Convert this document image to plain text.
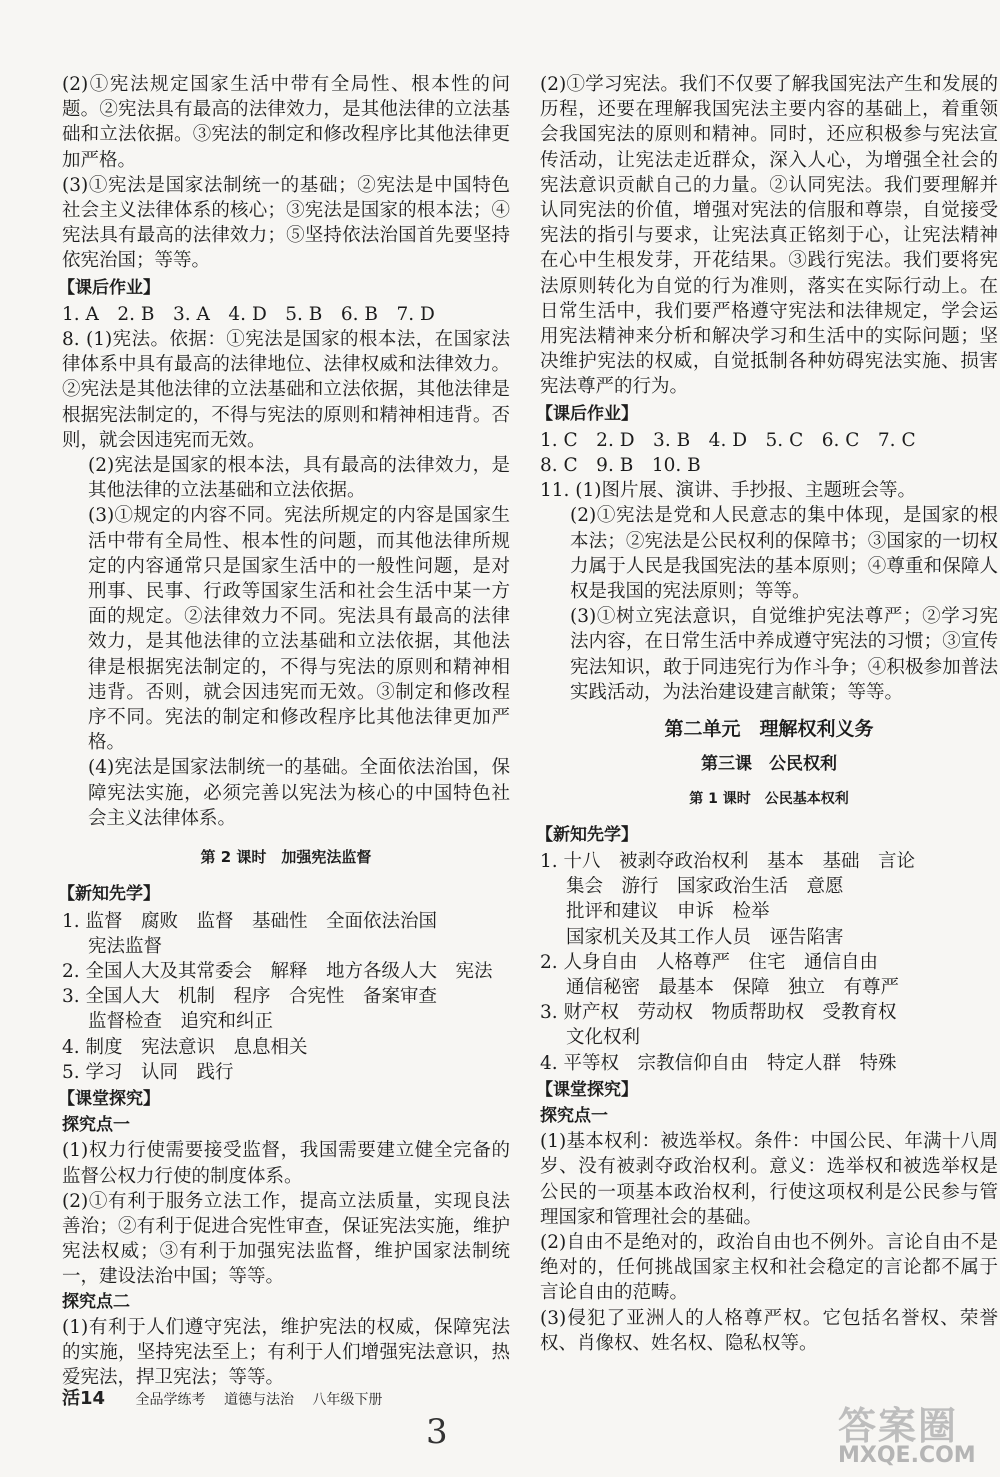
(2)①宪法规定国家生活中带有全局性、根本性的问题。②宪法具有最高的法律效力，是其他法律的立法基础和立法依据。③宪法的制定和修改程序比其他法律更加严格。

(3)①宪法是国家法制统一的基础；②宪法是中国特色社会主义法律体系的核心；③宪法是国家的根本法；④宪法具有最高的法律效力；⑤坚持依法治国首先要坚持依宪治国；等等。

【课后作业】

1. A　2. B　3. A　4. D　5. B　6. B　7. D

8. (1)宪法。依据：①宪法是国家的根本法，在国家法律体系中具有最高的法律地位、法律权威和法律效力。②宪法是其他法律的立法基础和立法依据，其他法律是根据宪法制定的，不得与宪法的原则和精神相违背。否则，就会因违宪而无效。

(2)宪法是国家的根本法，具有最高的法律效力，是其他法律的立法基础和立法依据。

(3)①规定的内容不同。宪法所规定的内容是国家生活中带有全局性、根本性的问题，而其他法律所规定的内容通常只是国家生活中的一般性问题，是对刑事、民事、行政等国家生活和社会生活中某一方面的规定。②法律效力不同。宪法具有最高的法律效力，是其他法律的立法基础和立法依据，其他法律是根据宪法制定的，不得与宪法的原则和精神相违背。否则，就会因违宪而无效。③制定和修改程序不同。宪法的制定和修改程序比其他法律更加严格。

(4)宪法是国家法制统一的基础。全面依法治国，保障宪法实施，必须完善以宪法为核心的中国特色社会主义法律体系。

第 2 课时　加强宪法监督
【新知先学】

1. 监督　腐败　监督　基础性　全面依法治国

宪法监督

2. 全国人大及其常委会　解释　地方各级人大　宪法

3. 全国人大　机制　程序　合宪性　备案审查

监督检查　追究和纠正

4. 制度　宪法意识　息息相关

5. 学习　认同　践行

【课堂探究】
探究点一

(1)权力行使需要接受监督，我国需要建立健全完备的监督公权力行使的制度体系。

(2)①有利于服务立法工作，提高立法质量，实现良法善治；②有利于促进合宪性审查，保证宪法实施，维护宪法权威；③有利于加强宪法监督，维护国家法制统一，建设法治中国；等等。

探究点二

(1)有利于人们遵守宪法，维护宪法的权威，保障宪法的实施，坚持宪法至上；有利于人们增强宪法意识，热爱宪法，捍卫宪法；等等。

(2)①学习宪法。我们不仅要了解我国宪法产生和发展的历程，还要在理解我国宪法主要内容的基础上，着重领会我国宪法的原则和精神。同时，还应积极参与宪法宣传活动，让宪法走近群众，深入人心，为增强全社会的宪法意识贡献自己的力量。②认同宪法。我们要理解并认同宪法的价值，增强对宪法的信服和尊崇，自觉接受宪法的指引与要求，让宪法真正铭刻于心，让宪法精神在心中生根发芽，开花结果。③践行宪法。我们要将宪法原则转化为自觉的行为准则，落实在实际行动上。在日常生活中，我们要严格遵守宪法和法律规定，学会运用宪法精神来分析和解决学习和生活中的实际问题；坚决维护宪法的权威，自觉抵制各种妨碍宪法实施、损害宪法尊严的行为。

【课后作业】

1. C　2. D　3. B　4. D　5. C　6. C　7. C

8. C　9. B　10. B

11. (1)图片展、演讲、手抄报、主题班会等。

(2)①宪法是党和人民意志的集中体现，是国家的根本法；②宪法是公民权利的保障书；③国家的一切权力属于人民是我国宪法的基本原则；④尊重和保障人权是我国的宪法原则；等等。

(3)①树立宪法意识，自觉维护宪法尊严；②学习宪法内容，在日常生活中养成遵守宪法的习惯；③宣传宪法知识，敢于同违宪行为作斗争；④积极参加普法实践活动，为法治建设建言献策；等等。

第二单元　理解权利义务
第三课　公民权利
第 1 课时　公民基本权利
【新知先学】

1. 十八　被剥夺政治权利　基本　基础　言论

集会　游行　国家政治生活　意愿

批评和建议　申诉　检举

国家机关及其工作人员　诬告陷害

2. 人身自由　人格尊严　住宅　通信自由

通信秘密　最基本　保障　独立　有尊严

3. 财产权　劳动权　物质帮助权　受教育权

文化权利

4. 平等权　宗教信仰自由　特定人群　特殊

【课堂探究】
探究点一

(1)基本权利：被选举权。条件：中国公民、年满十八周岁、没有被剥夺政治权利。意义：选举权和被选举权是公民的一项基本政治权利，行使这项权利是公民参与管理国家和管理社会的基础。

(2)自由不是绝对的，政治自由也不例外。言论自由不是绝对的，任何挑战国家主权和社会稳定的言论都不属于言论自由的范畴。

(3)侵犯了亚洲人的人格尊严权。它包括名誉权、荣誉权、肖像权、姓名权、隐私权等。

活14 全品学练考 道德与法治 八年级下册
3	答案圈
MXQE.COM
